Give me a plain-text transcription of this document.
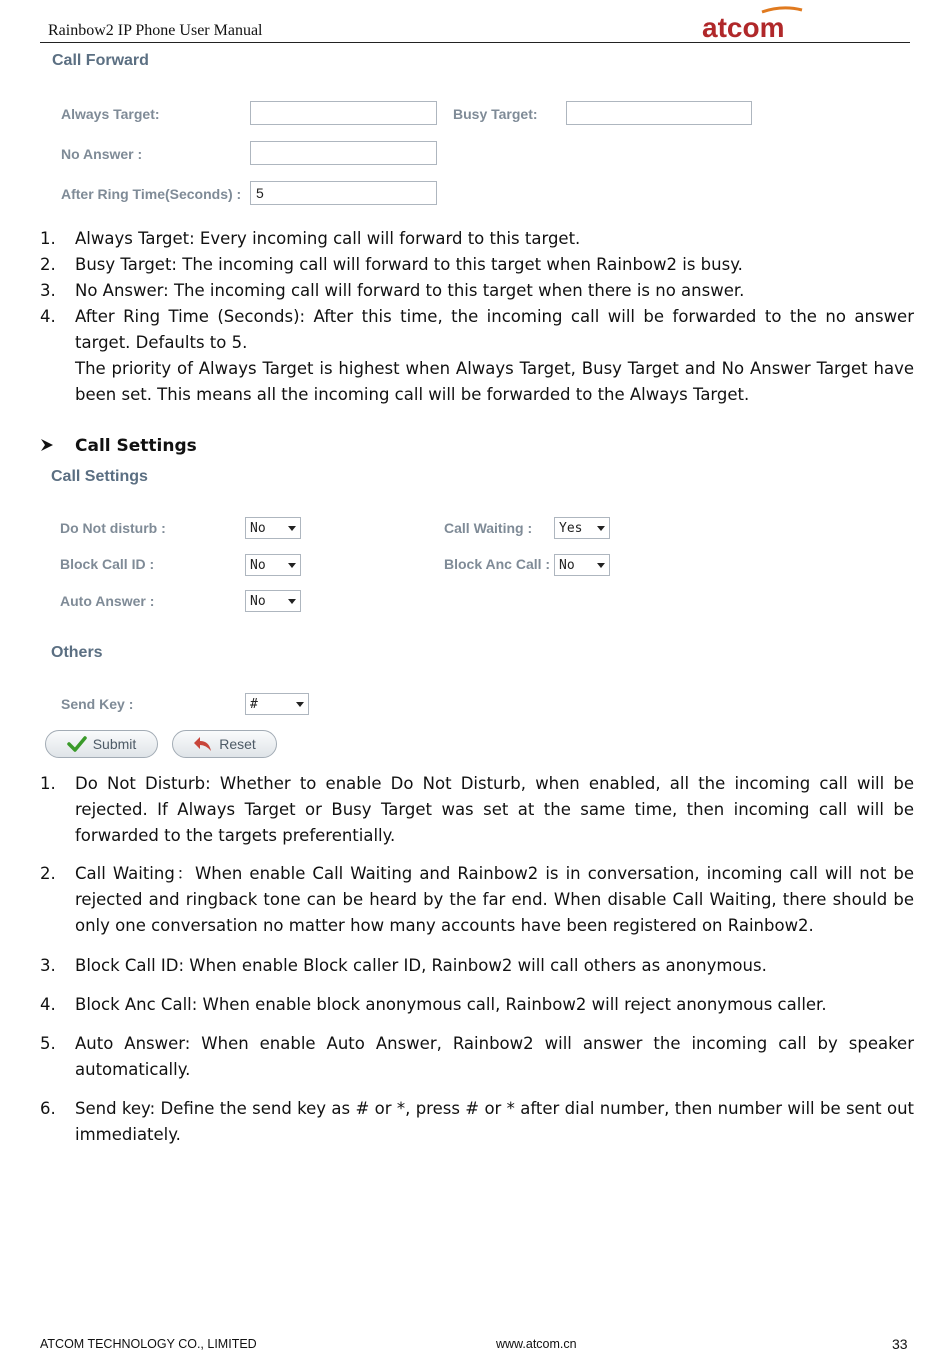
Rainbow2 IP Phone User Manual	atcom
Call Forward
Always Target:	Busy Target:
No Answer :
After Ring Time(Seconds) :	5
1. Always Target: Every incoming call will forward to this target.
2. Busy Target: The incoming call will forward to this target when Rainbow2 is busy.
3. No Answer: The incoming call will forward to this target when there is no answer.
4. After Ring Time (Seconds): After this time, the incoming call will be forwarded to the no answer target. Defaults to 5.
The priority of Always Target is highest when Always Target, Busy Target and No Answer Target have been set. This means all the incoming call will be forwarded to the Always Target.
Call Settings
Call Settings
Do Not disturb :	No	Call Waiting : Yes
Block Call ID :	No	Block Anc Call : No
Auto Answer :	No
Others
Send Key :	#
Submit	Reset
1. Do Not Disturb: Whether to enable Do Not Disturb, when enabled, all the incoming call will be rejected. If Always Target or Busy Target was set at the same time, then incoming call will be forwarded to the targets preferentially.
2. Call Waiting：When enable Call Waiting and Rainbow2 is in conversation, incoming call will not be rejected and ringback tone can be heard by the far end. When disable Call Waiting, there should be only one conversation no matter how many accounts have been registered on Rainbow2.
3. Block Call ID: When enable Block caller ID, Rainbow2 will call others as anonymous.
4. Block Anc Call: When enable block anonymous call, Rainbow2 will reject anonymous caller.
5. Auto Answer: When enable Auto Answer, Rainbow2 will answer the incoming call by speaker automatically.
6. Send key: Define the send key as # or *, press # or * after dial number, then number will be sent out immediately.
ATCOM TECHNOLOGY CO., LIMITED	www.atcom.cn	33
